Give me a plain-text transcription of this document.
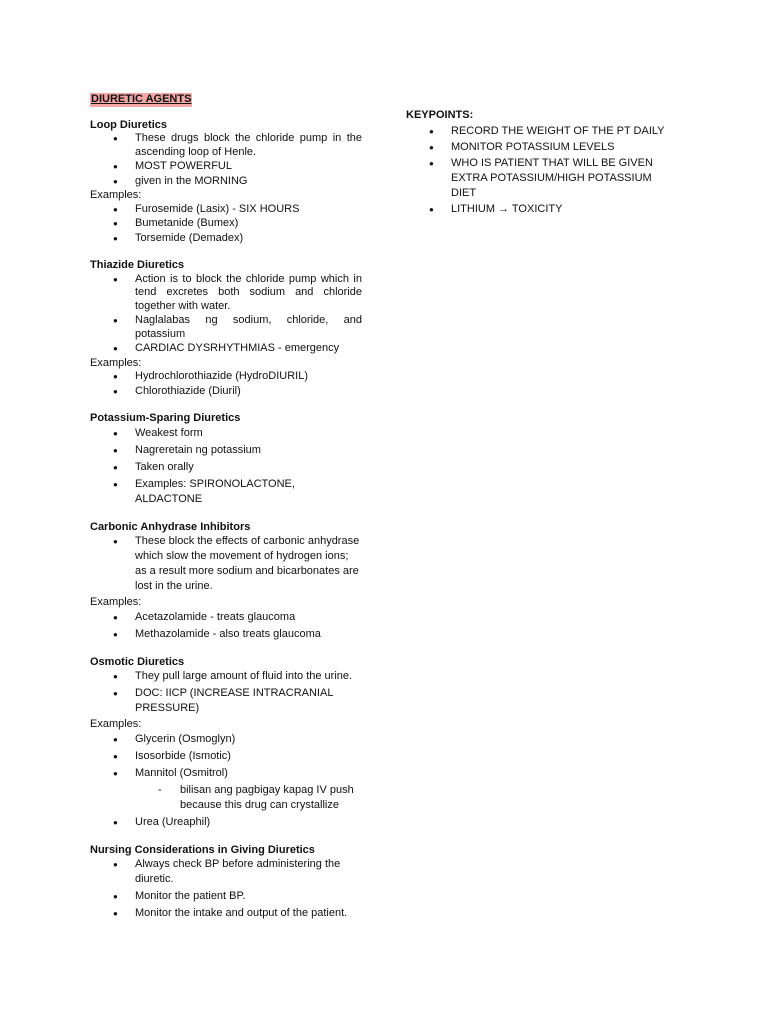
DIURETIC AGENTS
Loop Diuretics
● These drugs block the chloride pump in the ascending loop of Henle.
● MOST POWERFUL
● given in the MORNING
Examples:
● Furosemide (Lasix) - SIX HOURS
● Bumetanide (Bumex)
● Torsemide (Demadex)
Thiazide Diuretics
● Action is to block the chloride pump which in tend excretes both sodium and chloride together with water.
● Naglalabas ng sodium, chloride, and potassium
● CARDIAC DYSRHYTHMIAS - emergency
Examples:
● Hydrochlorothiazide (HydroDIURIL)
● Chlorothiazide (Diuril)
Potassium-Sparing Diuretics
● Weakest form
● Nagreretain ng potassium
● Taken orally
● Examples: SPIRONOLACTONE, ALDACTONE
Carbonic Anhydrase Inhibitors
● These block the effects of carbonic anhydrase which slow the movement of hydrogen ions; as a result more sodium and bicarbonates are lost in the urine.
Examples:
● Acetazolamide - treats glaucoma
● Methazolamide - also treats glaucoma
Osmotic Diuretics
● They pull large amount of fluid into the urine.
● DOC: IICP (INCREASE INTRACRANIAL PRESSURE)
Examples:
● Glycerin (Osmoglyn)
● Isosorbide (Ismotic)
● Mannitol (Osmitrol)
- bilisan ang pagbigay kapag IV push because this drug can crystallize
● Urea (Ureaphil)
Nursing Considerations in Giving Diuretics
● Always check BP before administering the diuretic.
● Monitor the patient BP.
● Monitor the intake and output of the patient.
KEYPOINTS:
● RECORD THE WEIGHT OF THE PT DAILY
● MONITOR POTASSIUM LEVELS
● WHO IS PATIENT THAT WILL BE GIVEN EXTRA POTASSIUM/HIGH POTASSIUM DIET
● LITHIUM → TOXICITY
